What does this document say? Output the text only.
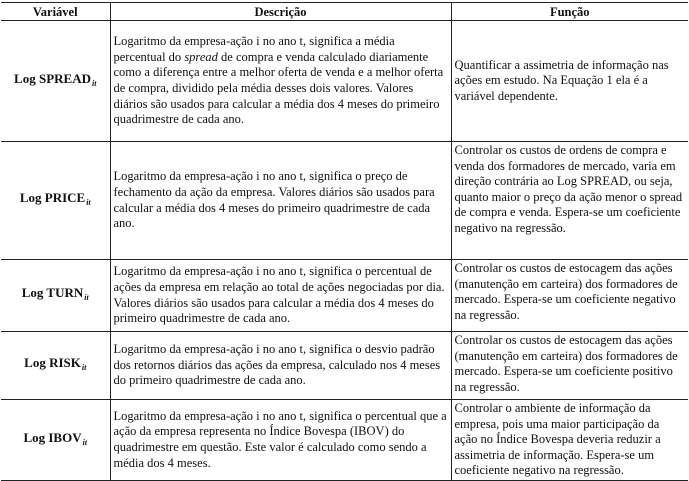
Variável	Descrição	Função
Log $SPREAD_{it}$	Logaritmo da empresa-ação i no ano t, significa a média percentual do spread de compra e venda calculado diariamente como a diferença entre a melhor oferta de venda e a melhor oferta de compra, dividido pela média desses dois valores. Valores diários são usados para calcular a média dos 4 meses do primeiro quadrimestre de cada ano.	Quantificar a assimetria de informação nas ações em estudo. Na Equação 1 ela é a variável dependente.
Log $PRICE_{it}$	Logaritmo da empresa-ação i no ano t, significa o preço de fechamento da ação da empresa. Valores diários são usados para calcular a média dos 4 meses do primeiro quadrimestre de cada ano.	Controlar os custos de ordens de compra e venda dos formadores de mercado, varia em direção contrária ao Log SPREAD, ou seja, quanto maior o preço da ação menor o spread de compra e venda. Espera-se um coeficiente negativo na regressão.
Log $TURN_{it}$	Logaritmo da empresa-ação i no ano t, significa o percentual de ações da empresa em relação ao total de ações negociadas por dia. Valores diários são usados para calcular a média dos 4 meses do primeiro quadrimestre de cada ano.	Controlar os custos de estocagem das ações (manutenção em carteira) dos formadores de mercado. Espera-se um coeficiente negativo na regressão.
Log $RISK_{it}$	Logaritmo da empresa-ação i no ano t, significa o desvio padrão dos retornos diários das ações da empresa, calculado nos 4 meses do primeiro quadrimestre de cada ano.	Controlar os custos de estocagem das ações (manutenção em carteira) dos formadores de mercado. Espera-se um coeficiente positivo na regressão.
Log $IBOV_{it}$	Logaritmo da empresa-ação i no ano t, significa o percentual que a ação da empresa representa no Índice Bovespa (IBOV) do quadrimestre em questão. Este valor é calculado como sendo a média dos 4 meses.	Controlar o ambiente de informação da empresa, pois uma maior participação da ação no Índice Bovespa deveria reduzir a assimetria de informação. Espera-se um coeficiente negativo na regressão.
